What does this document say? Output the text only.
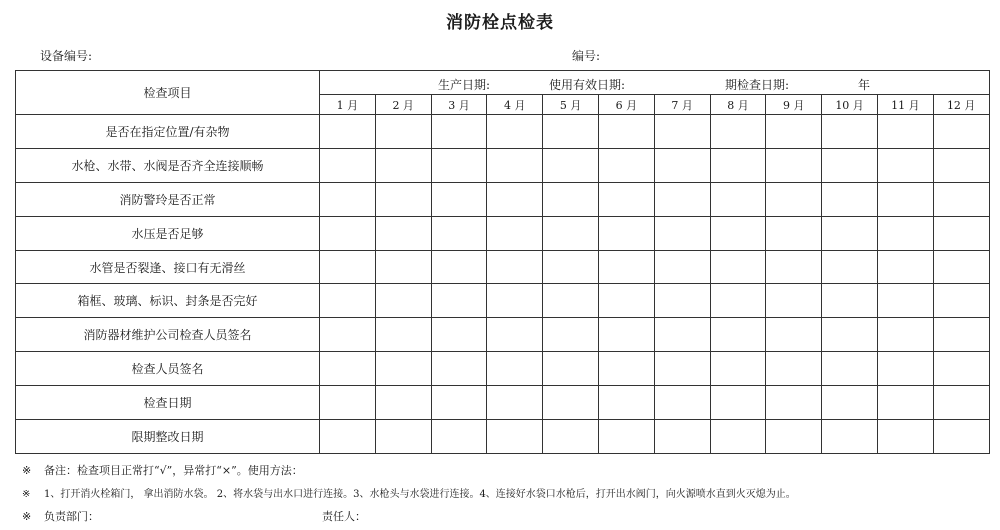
消防栓点检表
设备编号:	编号:
检查项目	生产日期: 使用有效日期: 期检查日期: 年											

	1 月	2 月	3 月	4 月	5 月	6 月	7 月	8 月	9 月	10 月	11 月	12 月
是否在指定位置/有杂物												
水枪、水带、水阀是否齐全连接顺畅												
消防警玲是否正常												
水压是否足够												
水管是否裂逢、接口有无滑丝												
箱框、玻璃、标识、封条是否完好												
消防器材维护公司检查人员签名												
检查人员签名												
检查日期												
限期整改日期												
※ 备注：检查项目正常打“√”，异常打“×”。使用方法：
※ 1、打开消火栓箱门， 拿出消防水袋。 2、将水袋与出水口进行连接。3、水枪头与水袋进行连接。4、连接好水袋口水枪后，打开出水阀门，向火源喷水直到火灭熄为止。
※ 负责部门：	责任人：
